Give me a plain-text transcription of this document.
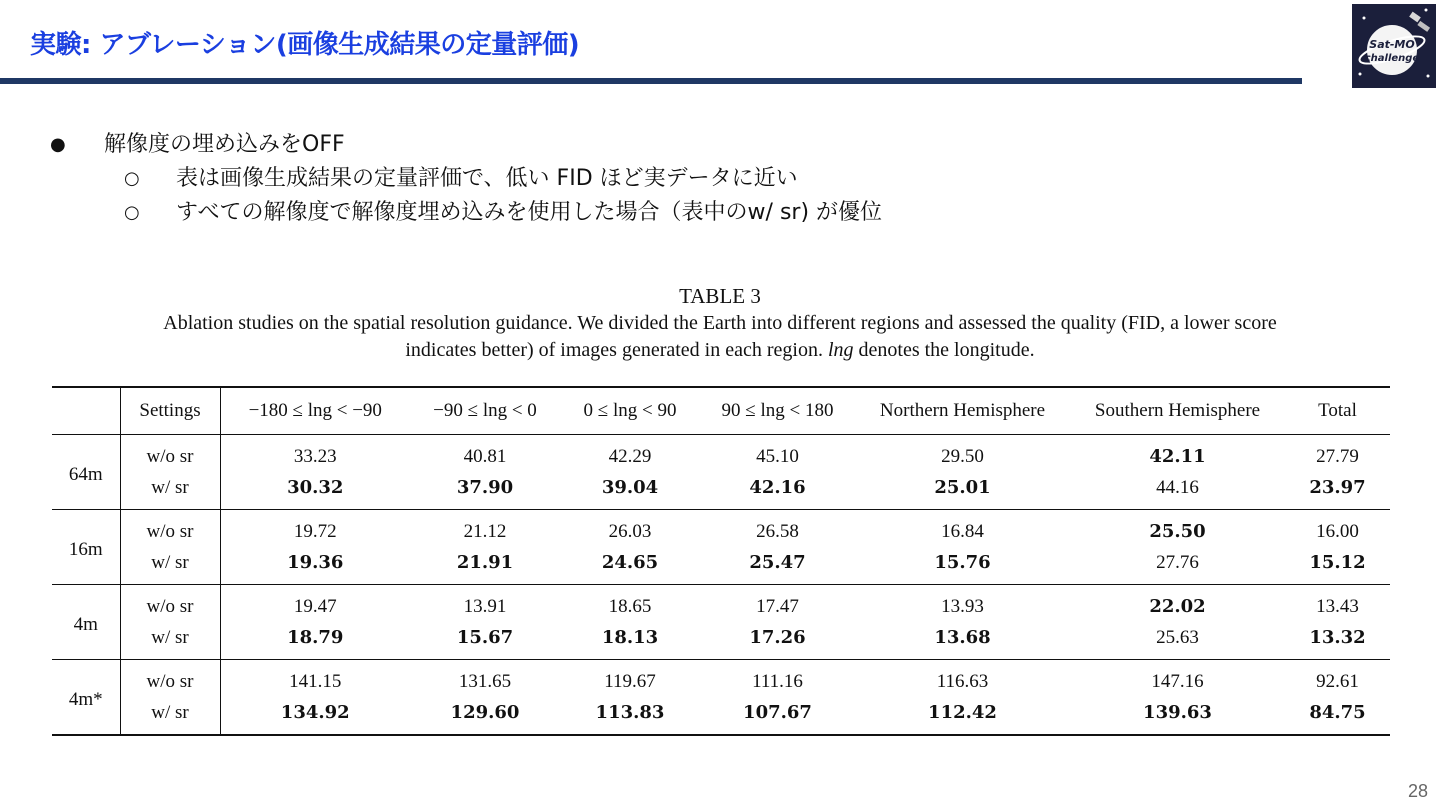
実験: アブレーション(画像生成結果の定量評価)	Sat-MO
challenge
●	解像度の埋め込みをOFF
○	表は画像生成結果の定量評価で、低い FID ほど実データに近い
○	すべての解像度で解像度埋め込みを使用した場合（表中のw/ sr) が優位
TABLE 3
Ablation studies on the spatial resolution guidance. We divided the Earth into different regions and assessed the quality (FID, a lower score
indicates better) of images generated in each region. lng denotes the longitude.
	Settings	−180 ≤ lng < −90	−90 ≤ lng < 0	0 ≤ lng < 90	90 ≤ lng < 180	Northern Hemisphere	Southern Hemisphere	Total
64m	w/o sr	33.23	40.81	42.29	45.10	29.50	42.11	27.79
	w/ sr	30.32	37.90	39.04	42.16	25.01	44.16	23.97
16m	w/o sr	19.72	21.12	26.03	26.58	16.84	25.50	16.00
	w/ sr	19.36	21.91	24.65	25.47	15.76	27.76	15.12
4m	w/o sr	19.47	13.91	18.65	17.47	13.93	22.02	13.43
	w/ sr	18.79	15.67	18.13	17.26	13.68	25.63	13.32
4m*	w/o sr	141.15	131.65	119.67	111.16	116.63	147.16	92.61
	w/ sr	134.92	129.60	113.83	107.67	112.42	139.63	84.75
28
